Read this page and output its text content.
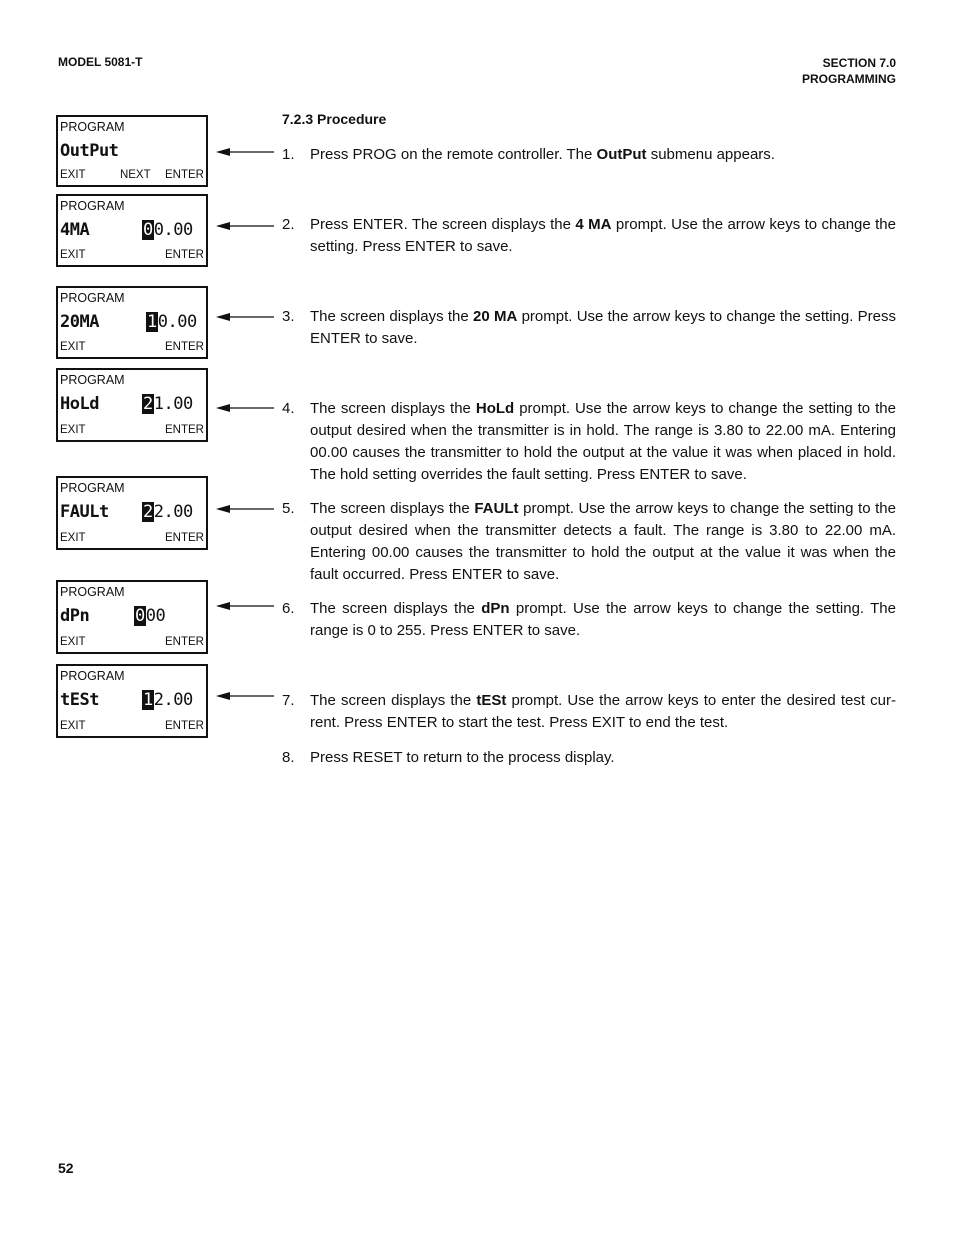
MODEL 5081-T	SECTION 7.0
PROGRAMMING
7.2.3 Procedure
PROGRAM
OutPut
EXIT	NEXT ENTER
PROGRAM
4MA	00.00
EXIT	ENTER
PROGRAM
20MA	10.00
EXIT	ENTER
PROGRAM
HoLd	21.00
EXIT	ENTER
PROGRAM
FAULt 22.00
EXIT	ENTER
PROGRAM
dPn	000
EXIT	ENTER
PROGRAM
tESt	12.00
EXIT	ENTER
1.	Press PROG on the remote controller. The OutPut submenu appears.
2.	Press ENTER. The screen displays the 4 MA prompt. Use the arrow keys to change the setting. Press ENTER to save.
3.	The screen displays the 20 MA prompt. Use the arrow keys to change the setting. Press ENTER to save.
4.	The screen displays the HoLd prompt. Use the arrow keys to change the setting to the output desired when the transmitter is in hold. The range is 3.80 to 22.00 mA. Entering 00.00 causes the transmitter to hold the output at the value it was when placed in hold. The hold setting overrides the fault setting. Press ENTER to save.
5.	The screen displays the FAULt prompt. Use the arrow keys to change the setting to the output desired when the transmitter detects a fault. The range is 3.80 to 22.00 mA. Entering 00.00 causes the transmitter to hold the output at the value it was when the fault occurred. Press ENTER to save.
6.	The screen displays the dPn prompt. Use the arrow keys to change the setting. The range is 0 to 255. Press ENTER to save.
7.	The screen displays the tESt prompt. Use the arrow keys to enter the desired test cur-rent. Press ENTER to start the test. Press EXIT to end the test.
8.	Press RESET to return to the process display.
52
